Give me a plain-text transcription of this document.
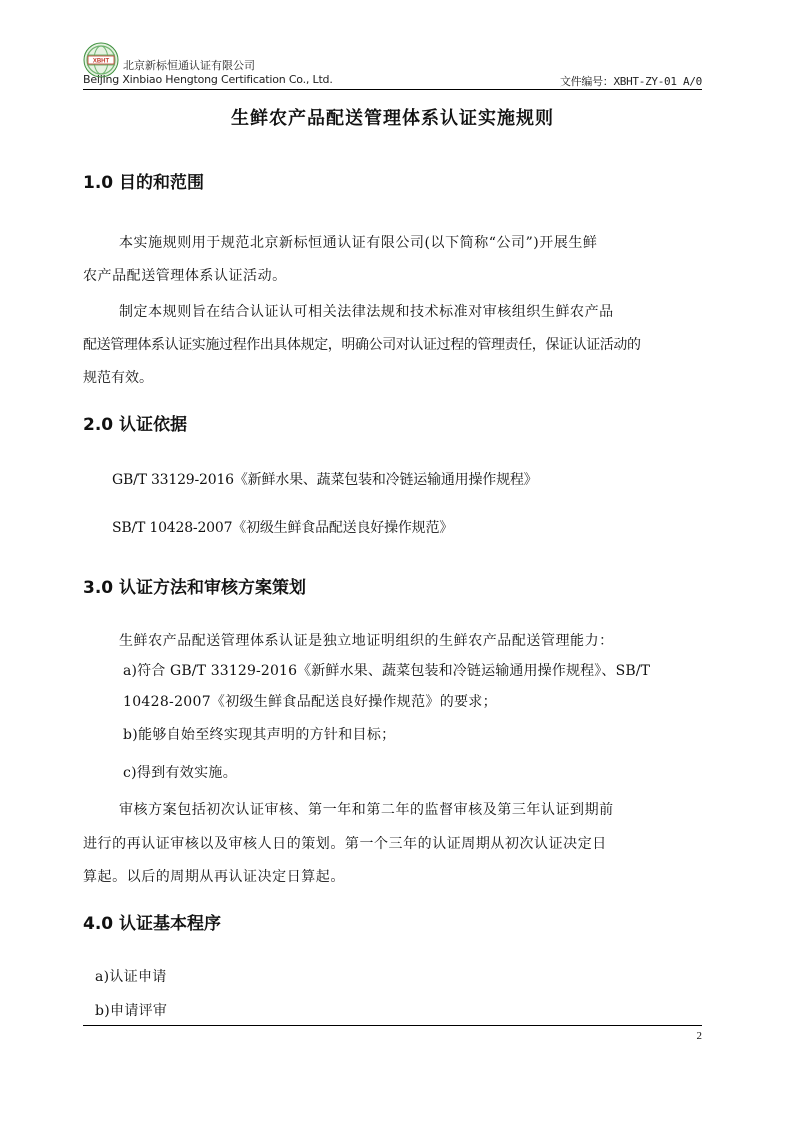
XBHT 北京新标恒通认证有限公司
Beijing Xinbiao Hengtong Certification Co., Ltd.	文件编号：XBHT-ZY-01 A/0
生鲜农产品配送管理体系认证实施规则
1.0 目的和范围
本实施规则用于规范北京新标恒通认证有限公司(以下简称“公司”)开展生鲜
农产品配送管理体系认证活动。
制定本规则旨在结合认证认可相关法律法规和技术标准对审核组织生鲜农产品
配送管理体系认证实施过程作出具体规定，明确公司对认证过程的管理责任，保证认证活动的
规范有效。
2.0 认证依据
GB/T 33129-2016《新鲜水果、蔬菜包装和冷链运输通用操作规程》
SB/T 10428-2007《初级生鲜食品配送良好操作规范》
3.0 认证方法和审核方案策划
生鲜农产品配送管理体系认证是独立地证明组织的生鲜农产品配送管理能力：
a)符合 GB/T 33129-2016《新鲜水果、蔬菜包装和冷链运输通用操作规程》、SB/T
10428-2007《初级生鲜食品配送良好操作规范》的要求；
b)能够自始至终实现其声明的方针和目标；
c)得到有效实施。
审核方案包括初次认证审核、第一年和第二年的监督审核及第三年认证到期前
进行的再认证审核以及审核人日的策划。第一个三年的认证周期从初次认证决定日
算起。以后的周期从再认证决定日算起。
4.0 认证基本程序
a)认证申请
b)申请评审
2
